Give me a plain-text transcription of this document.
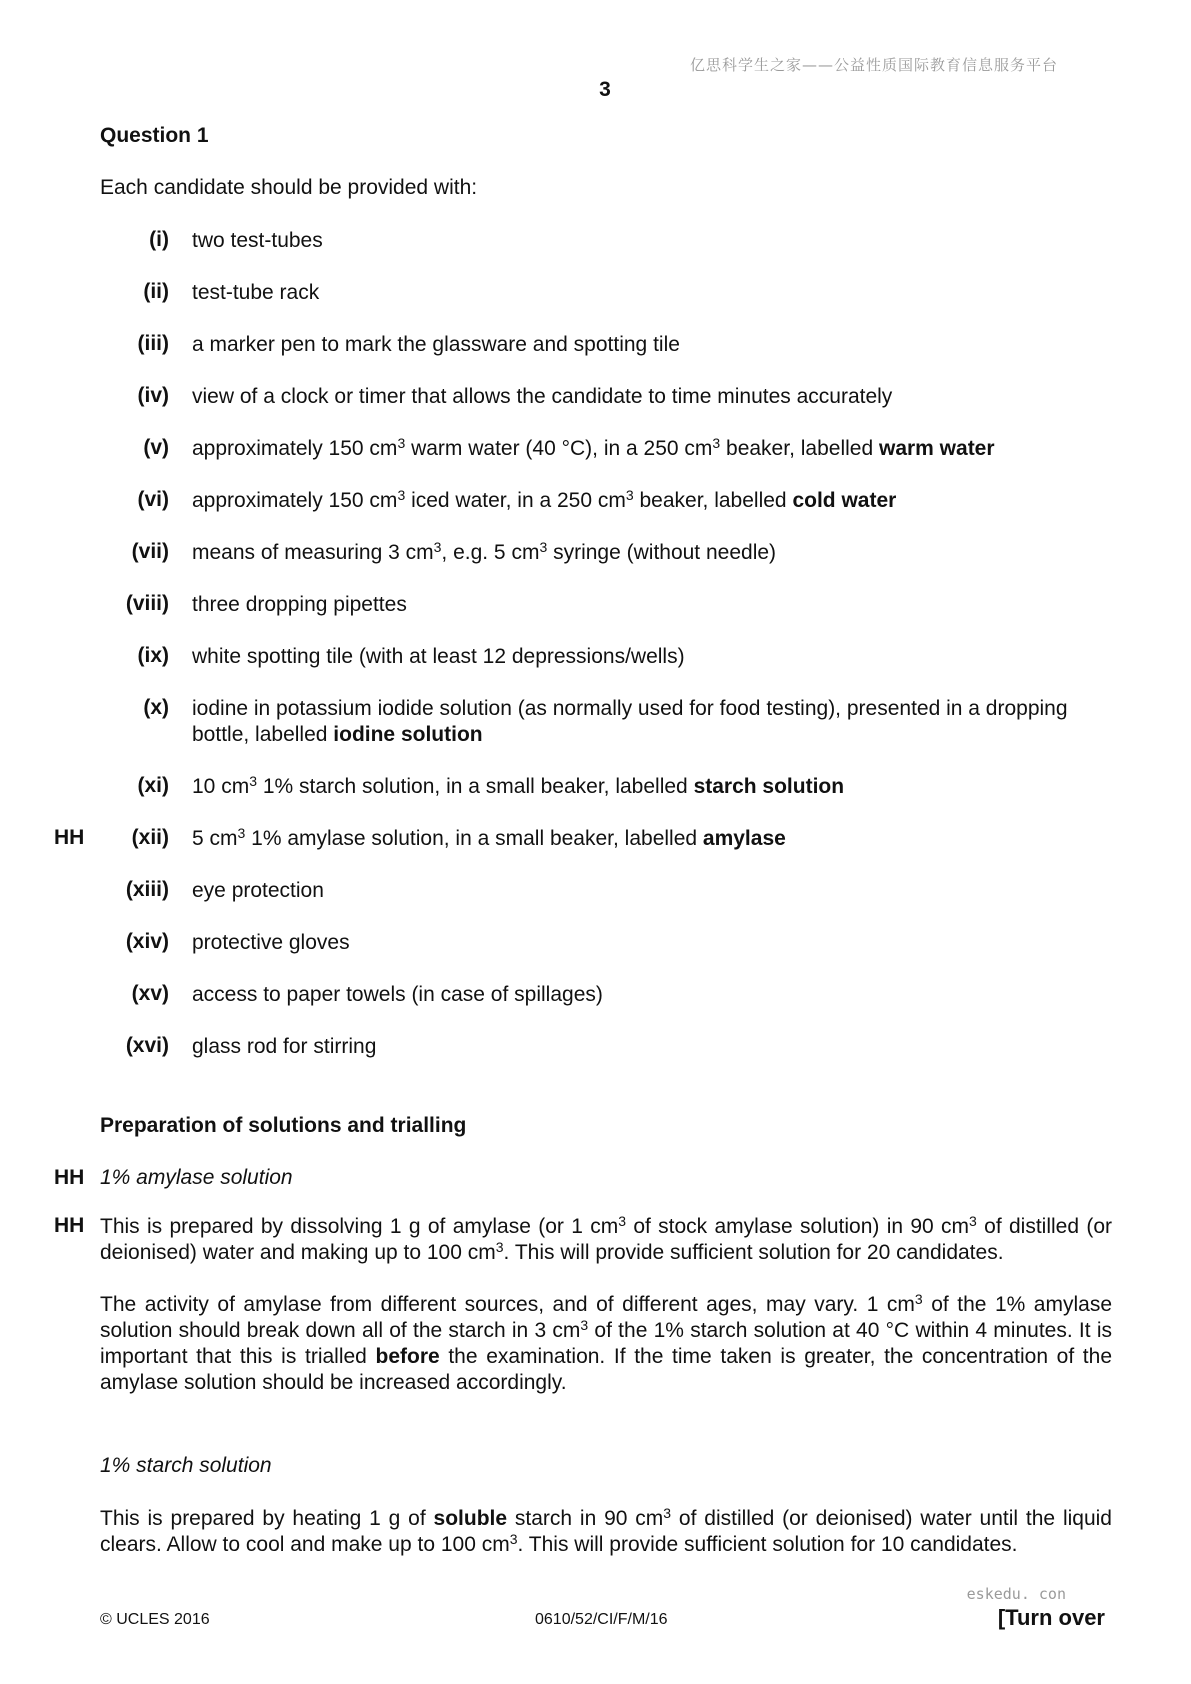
亿思科学生之家——公益性质国际教育信息服务平台
3
Question 1
Each candidate should be provided with:
(i) two test-tubes
(ii) test-tube rack
(iii) a marker pen to mark the glassware and spotting tile
(iv) view of a clock or timer that allows the candidate to time minutes accurately
(v) approximately 150 $cm^3$ warm water (40 °C), in a 250 $cm^3$ beaker, labelled warm water
(vi) approximately 150 $cm^3$ iced water, in a 250 $cm^3$ beaker, labelled cold water
(vii) means of measuring 3 $cm^3$, e.g. 5 $cm^3$ syringe (without needle)
(viii) three dropping pipettes
(ix) white spotting tile (with at least 12 depressions/wells)
(x) iodine in potassium iodide solution (as normally used for food testing), presented in a dropping bottle, labelled iodine solution
(xi) 10 $cm^3$ 1% starch solution, in a small beaker, labelled starch solution
HH (xii) 5 $cm^3$ 1% amylase solution, in a small beaker, labelled amylase
(xiii) eye protection
(xiv) protective gloves
(xv) access to paper towels (in case of spillages)
(xvi) glass rod for stirring
Preparation of solutions and trialling
HH 1% amylase solution
HH This is prepared by dissolving 1 g of amylase (or 1 $cm^3$ of stock amylase solution) in 90 $cm^3$ of distilled (or deionised) water and making up to 100 $cm^3$. This will provide sufficient solution for 20 candidates.
The activity of amylase from different sources, and of different ages, may vary. 1 $cm^3$ of the 1% amylase solution should break down all of the starch in 3 $cm^3$ of the 1% starch solution at 40 °C within 4 minutes. It is important that this is trialled before the examination. If the time taken is greater, the concentration of the amylase solution should be increased accordingly.
1% starch solution
This is prepared by heating 1 g of soluble starch in 90 $cm^3$ of distilled (or deionised) water until the liquid clears. Allow to cool and make up to 100 $cm^3$. This will provide sufficient solution for 10 candidates.
eskedu. con
© UCLES 2016	0610/52/CI/F/M/16	[Turn over
